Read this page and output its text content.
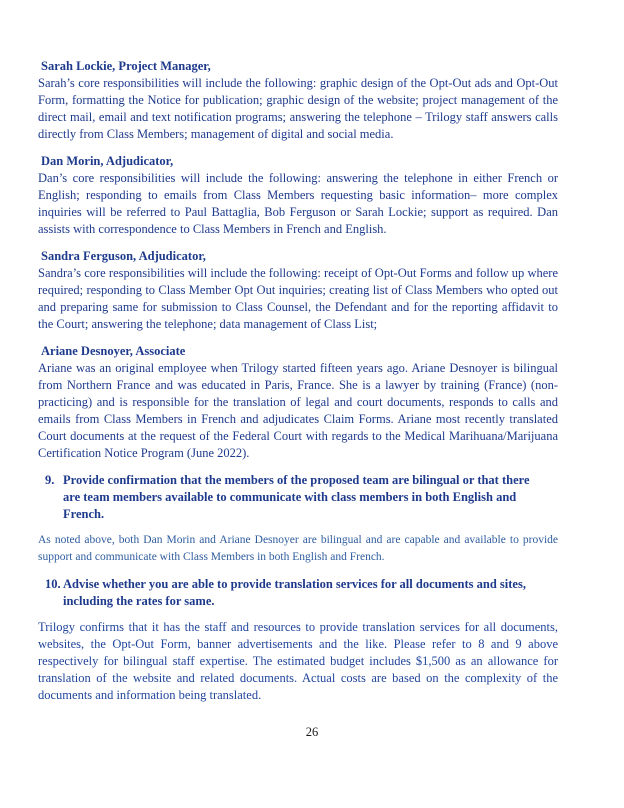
Sarah Lockie, Project Manager,
Sarah’s core responsibilities will include the following: graphic design of the Opt-Out ads and Opt-Out Form, formatting the Notice for publication; graphic design of the website; project management of the direct mail, email and text notification programs; answering the telephone – Trilogy staff answers calls directly from Class Members; management of digital and social media.
Dan Morin, Adjudicator,
Dan’s core responsibilities will include the following: answering the telephone in either French or English; responding to emails from Class Members requesting basic information– more complex inquiries will be referred to Paul Battaglia, Bob Ferguson or Sarah Lockie; support as required. Dan assists with correspondence to Class Members in French and English.
Sandra Ferguson, Adjudicator,
Sandra’s core responsibilities will include the following: receipt of Opt-Out Forms and follow up where required; responding to Class Member Opt Out inquiries; creating list of Class Members who opted out and preparing same for submission to Class Counsel, the Defendant and for the reporting affidavit to the Court; answering the telephone; data management of Class List;
Ariane Desnoyer, Associate
Ariane was an original employee when Trilogy started fifteen years ago. Ariane Desnoyer is bilingual from Northern France and was educated in Paris, France. She is a lawyer by training (France) (non-practicing) and is responsible for the translation of legal and court documents, responds to calls and emails from Class Members in French and adjudicates Claim Forms. Ariane most recently translated Court documents at the request of the Federal Court with regards to the Medical Marihuana/Marijuana Certification Notice Program (June 2022).
9. Provide confirmation that the members of the proposed team are bilingual or that there are team members available to communicate with class members in both English and French.
As noted above, both Dan Morin and Ariane Desnoyer are bilingual and are capable and available to provide support and communicate with Class Members in both English and French.
10. Advise whether you are able to provide translation services for all documents and sites, including the rates for same.
Trilogy confirms that it has the staff and resources to provide translation services for all documents, websites, the Opt-Out Form, banner advertisements and the like. Please refer to 8 and 9 above respectively for bilingual staff expertise. The estimated budget includes $1,500 as an allowance for translation of the website and related documents. Actual costs are based on the complexity of the documents and information being translated.
26
